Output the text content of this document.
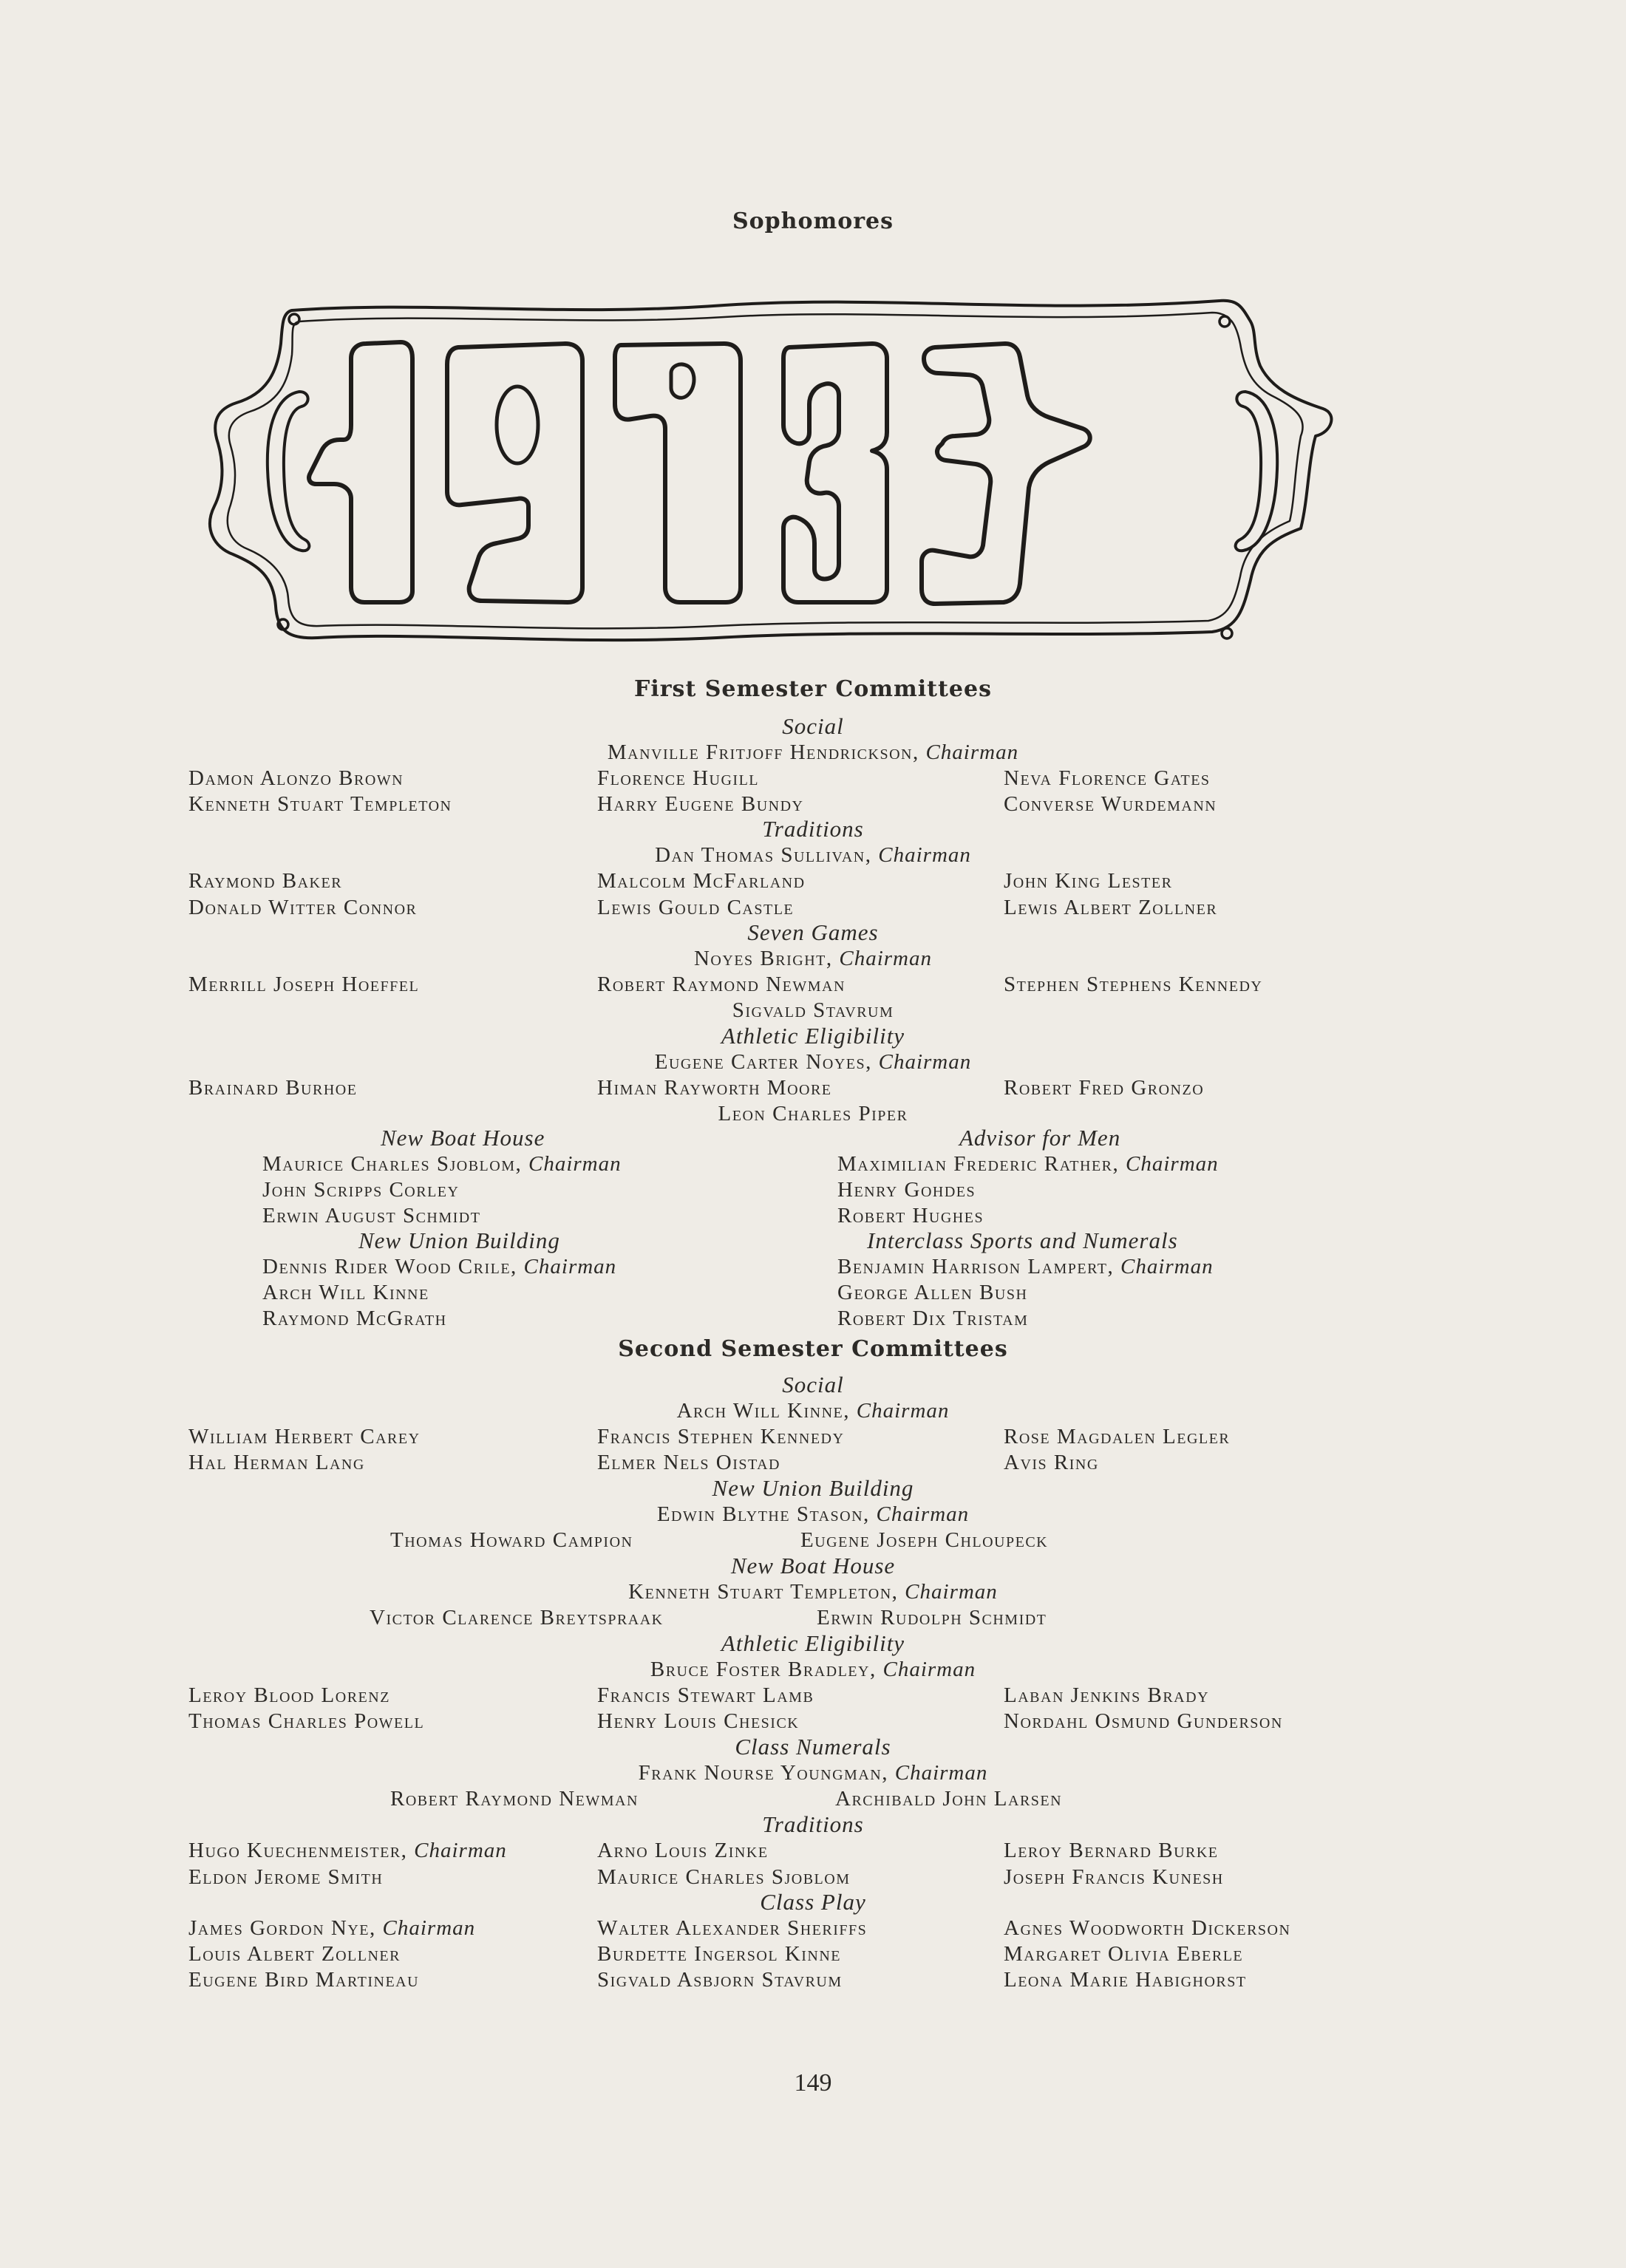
Sophomores
First Semester Committees
Social
Manville Fritjoff Hendrickson, Chairman
Damon Alonzo Brown	Florence Hugill	Neva Florence Gates
Kenneth Stuart Templeton	Harry Eugene Bundy	Converse Wurdemann
Traditions
Dan Thomas Sullivan, Chairman
Raymond Baker	Malcolm McFarland	John King Lester
Donald Witter Connor	Lewis Gould Castle	Lewis Albert Zollner
Seven Games
Noyes Bright, Chairman
Merrill Joseph Hoeffel	Robert Raymond Newman	Stephen Stephens Kennedy
Sigvald Stavrum
Athletic Eligibility
Eugene Carter Noyes, Chairman
Brainard Burhoe	Himan Rayworth Moore	Robert Fred Gronzo
Leon Charles Piper
New Boat House	Advisor for Men
Maurice Charles Sjoblom, Chairman	Maximilian Frederic Rather, Chairman
John Scripps Corley	Henry Gohdes
Erwin August Schmidt	Robert Hughes
New Union Building	Interclass Sports and Numerals
Dennis Rider Wood Crile, Chairman	Benjamin Harrison Lampert, Chairman
Arch Will Kinne	George Allen Bush
Raymond McGrath	Robert Dix Tristam
Second Semester Committees
Social
Arch Will Kinne, Chairman
William Herbert Carey	Francis Stephen Kennedy	Rose Magdalen Legler
Hal Herman Lang	Elmer Nels Oistad	Avis Ring
New Union Building
Edwin Blythe Stason, Chairman
Thomas Howard Campion	Eugene Joseph Chloupeck
New Boat House
Kenneth Stuart Templeton, Chairman
Victor Clarence Breytspraak	Erwin Rudolph Schmidt
Athletic Eligibility
Bruce Foster Bradley, Chairman
Leroy Blood Lorenz	Francis Stewart Lamb	Laban Jenkins Brady
Thomas Charles Powell	Henry Louis Chesick	Nordahl Osmund Gunderson
Class Numerals
Frank Nourse Youngman, Chairman
Robert Raymond Newman	Archibald John Larsen
Traditions
Hugo Kuechenmeister, Chairman	Arno Louis Zinke	Leroy Bernard Burke
Eldon Jerome Smith	Maurice Charles Sjoblom	Joseph Francis Kunesh
Class Play
James Gordon Nye, Chairman	Walter Alexander Sheriffs	Agnes Woodworth Dickerson
Louis Albert Zollner	Burdette Ingersol Kinne	Margaret Olivia Eberle
Eugene Bird Martineau	Sigvald Asbjorn Stavrum	Leona Marie Habighorst
149
